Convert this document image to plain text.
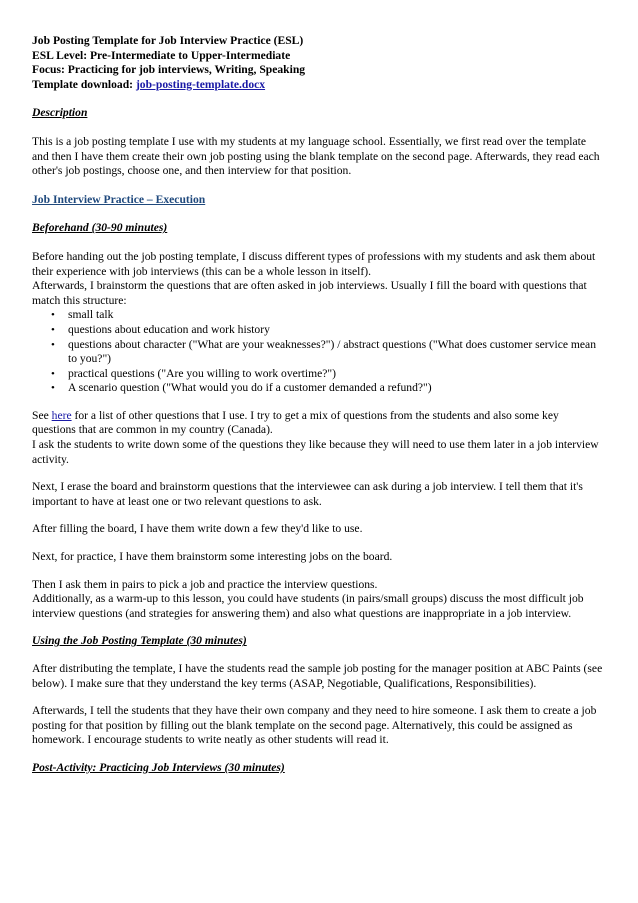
Job Posting Template for Job Interview Practice (ESL)
ESL Level: Pre-Intermediate to Upper-Intermediate
Focus: Practicing for job interviews, Writing, Speaking
Template download: job-posting-template.docx

Description

This is a job posting template I use with my students at my language school. Essentially, we first read over the template and then I have them create their own job posting using the blank template on the second page. Afterwards, they read each other's job postings, choose one, and then interview for that position.

Job Interview Practice – Execution

Beforehand (30-90 minutes)

Before handing out the job posting template, I discuss different types of professions with my students and ask them about their experience with job interviews (this can be a whole lesson in itself).

Afterwards, I brainstorm the questions that are often asked in job interviews. Usually I fill the board with questions that match this structure:

• small talk
• questions about education and work history
• questions about character ("What are your weaknesses?") / abstract questions ("What does customer service mean to you?")
• practical questions ("Are you willing to work overtime?")
• A scenario question ("What would you do if a customer demanded a refund?")

See here for a list of other questions that I use. I try to get a mix of questions from the students and also some key questions that are common in my country (Canada).

I ask the students to write down some of the questions they like because they will need to use them later in a job interview activity.

Next, I erase the board and brainstorm questions that the interviewee can ask during a job interview. I tell them that it's important to have at least one or two relevant questions to ask.

After filling the board, I have them write down a few they'd like to use.

Next, for practice, I have them brainstorm some interesting jobs on the board.

Then I ask them in pairs to pick a job and practice the interview questions.

Additionally, as a warm-up to this lesson, you could have students (in pairs/small groups) discuss the most difficult job interview questions (and strategies for answering them) and also what questions are inappropriate in a job interview.

Using the Job Posting Template (30 minutes)

After distributing the template, I have the students read the sample job posting for the manager position at ABC Paints (see below). I make sure that they understand the key terms (ASAP, Negotiable, Qualifications, Responsibilities).

Afterwards, I tell the students that they have their own company and they need to hire someone. I ask them to create a job posting for that position by filling out the blank template on the second page. Alternatively, this could be assigned as homework. I encourage students to write neatly as other students will read it.

Post-Activity: Practicing Job Interviews (30 minutes)
